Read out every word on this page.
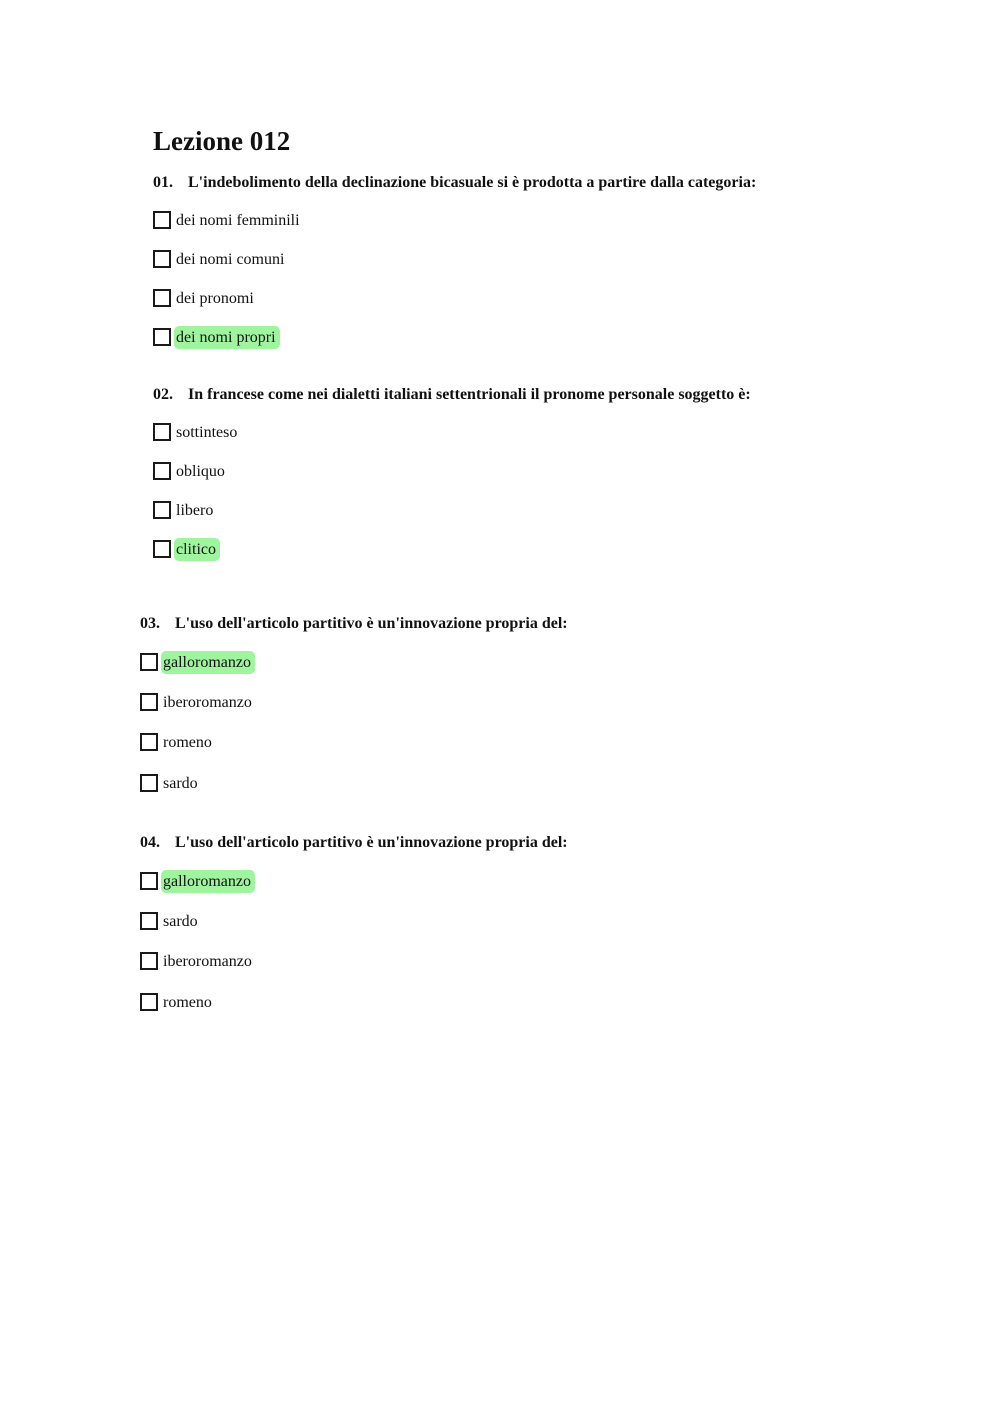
Lezione 012
01. L'indebolimento della declinazione bicasuale si è prodotta a partire dalla categoria:
dei nomi femminili
dei nomi comuni
dei pronomi
dei nomi propri
02. In francese come nei dialetti italiani settentrionali il pronome personale soggetto è:
sottinteso
obliquo
libero
clitico
03. L'uso dell'articolo partitivo è un'innovazione propria del:
galloromanzo
iberoromanzo
romeno
sardo
04. L'uso dell'articolo partitivo è un'innovazione propria del:
galloromanzo
sardo
iberoromanzo
romeno
